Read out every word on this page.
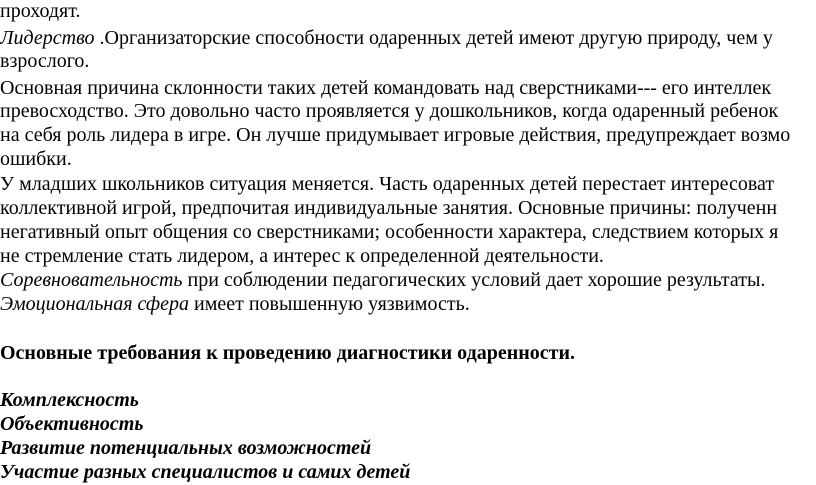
проходят.
Лидерство .Организаторские способности одаренных детей имеют другую природу, чем у
взрослого.
Основная причина склонности таких детей командовать над сверстниками--- его интеллек
превосходство. Это довольно часто проявляется у дошкольников, когда одаренный ребенок
на себя роль лидера в игре. Он лучше придумывает игровые действия, предупреждает возмо
ошибки.
У младших школьников ситуация меняется. Часть одаренных детей перестает интересоват
коллективной игрой, предпочитая индивидуальные занятия. Основные причины: полученн
негативный опыт общения со сверстниками; особенности характера, следствием которых я
не стремление стать лидером, а интерес к определенной деятельности.
Соревновательность при соблюдении педагогических условий дает хорошие результаты.
Эмоциональная сфера имеет повышенную уязвимость.
Основные требования к проведению диагностики одаренности.
Комплексность
Объективность
Развитие потенциальных возможностей
Участие разных специалистов и самих детей
